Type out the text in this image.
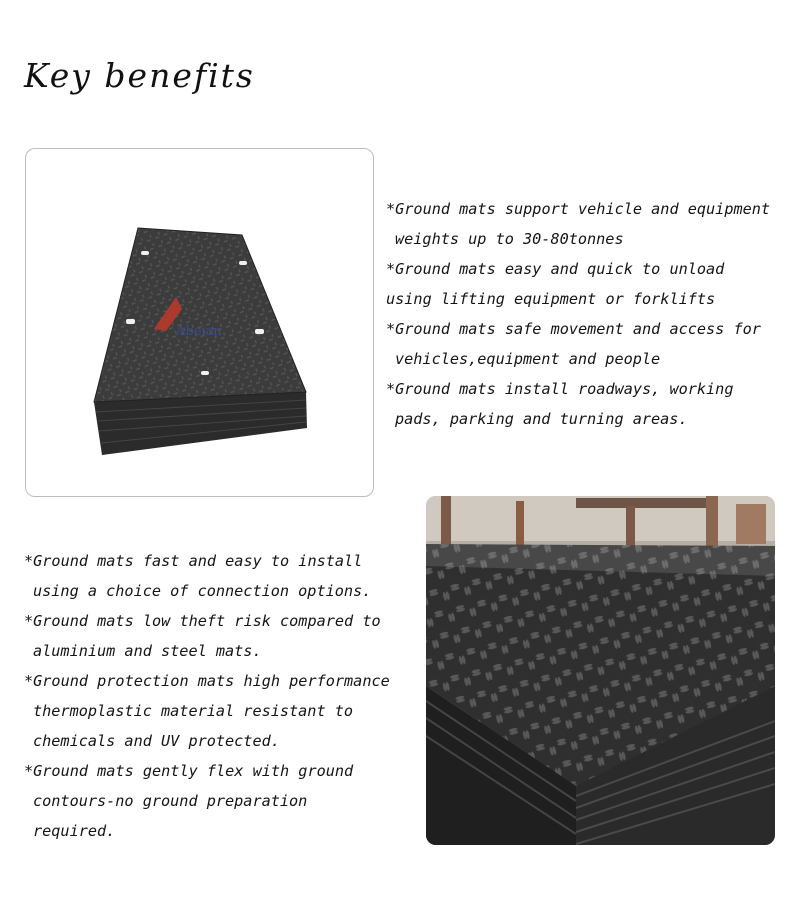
Key benefits
Abeian
*Ground mats support vehicle and equipment
weights up to 30-80tonnes
*Ground mats easy and quick to unload
using lifting equipment or forklifts
*Ground mats safe movement and access for
vehicles,equipment and people
*Ground mats install roadways, working
pads, parking and turning areas.
*Ground mats fast and easy to install
using a choice of connection options.
*Ground mats low theft risk compared to
aluminium and steel mats.
*Ground protection mats high performance
thermoplastic material resistant to
chemicals and UV protected.
*Ground mats gently flex with ground
contours-no ground preparation
required.
